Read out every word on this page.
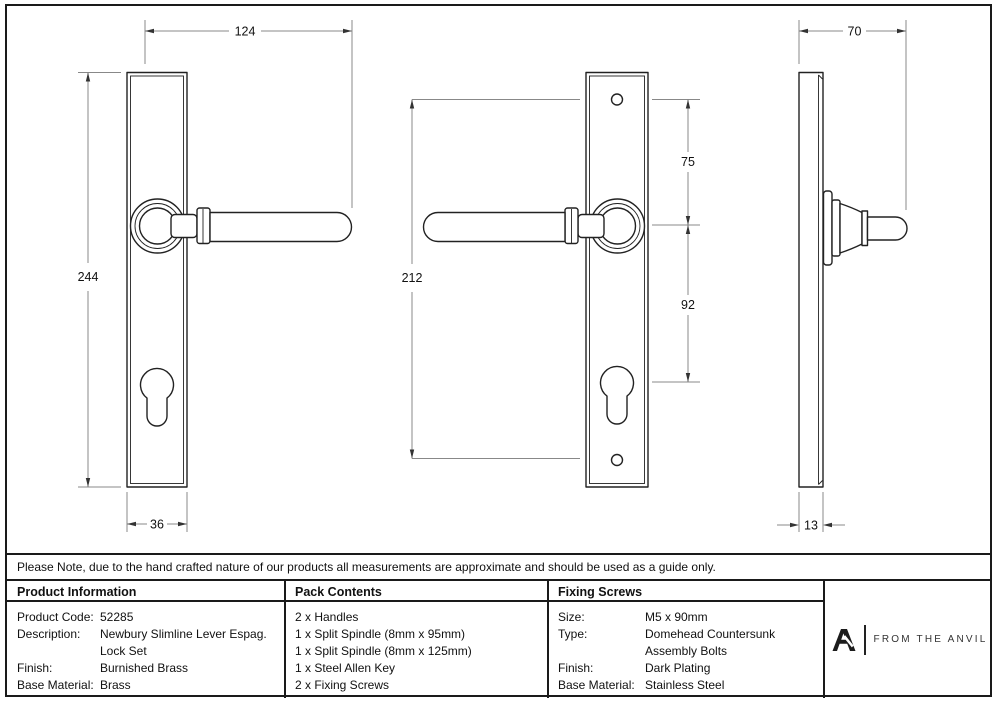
244
124
36
212
75
92
70
13
Please Note, due to the hand crafted nature of our products all measurements are approximate and should be used as a guide only.
Product Information	Pack Contents	Fixing Screws
Product Code: 52285
Description: Newbury Slimline Lever Espag.
Lock Set
Finish:	Burnished Brass
Base Material: Brass
2 x Handles
1 x Split Spindle (8mm x 95mm)
1 x Split Spindle (8mm x 125mm)
1 x Steel Allen Key
2 x Fixing Screws
Size:	M5 x 90mm
Type:	Domehead Countersunk
Assembly Bolts
Finish:	Dark Plating
Base Material: Stainless Steel
FROM THE ANVIL
